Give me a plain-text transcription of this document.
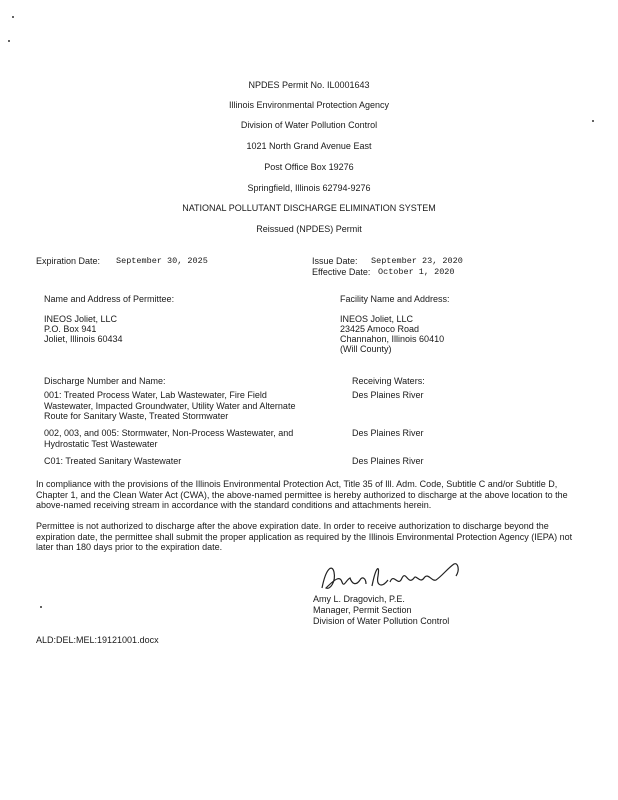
NPDES Permit No. IL0001643
Illinois Environmental Protection Agency
Division of Water Pollution Control
1021 North Grand Avenue East
Post Office Box 19276
Springfield, Illinois 62794-9276
NATIONAL POLLUTANT DISCHARGE ELIMINATION SYSTEM
Reissued (NPDES) Permit
Expiration Date: September 30, 2025	Issue Date: September 23, 2020
Effective Date: October 1, 2020
Name and Address of Permittee:
INEOS Joliet, LLC
P.O. Box 941
Joliet, Illinois 60434
Facility Name and Address:
INEOS Joliet, LLC
23425 Amoco Road
Channahon, Illinois 60410
(Will County)
Discharge Number and Name:	Receiving Waters:
001: Treated Process Water, Lab Wastewater, Fire Field Wastewater, Impacted Groundwater, Utility Water and Alternate Route for Sanitary Waste, Treated Stormwater
Des Plaines River
002, 003, and 005: Stormwater, Non-Process Wastewater, and Hydrostatic Test Wastewater
Des Plaines River
C01: Treated Sanitary Wastewater	Des Plaines River
In compliance with the provisions of the Illinois Environmental Protection Act, Title 35 of Ill. Adm. Code, Subtitle C and/or Subtitle D, Chapter 1, and the Clean Water Act (CWA), the above-named permittee is hereby authorized to discharge at the above location to the above-named receiving stream in accordance with the standard conditions and attachments herein.
Permittee is not authorized to discharge after the above expiration date. In order to receive authorization to discharge beyond the expiration date, the permittee shall submit the proper application as required by the Illinois Environmental Protection Agency (IEPA) not later than 180 days prior to the expiration date.
Amy L. Dragovich, P.E.
Manager, Permit Section
Division of Water Pollution Control
ALD:DEL:MEL:19121001.docx
